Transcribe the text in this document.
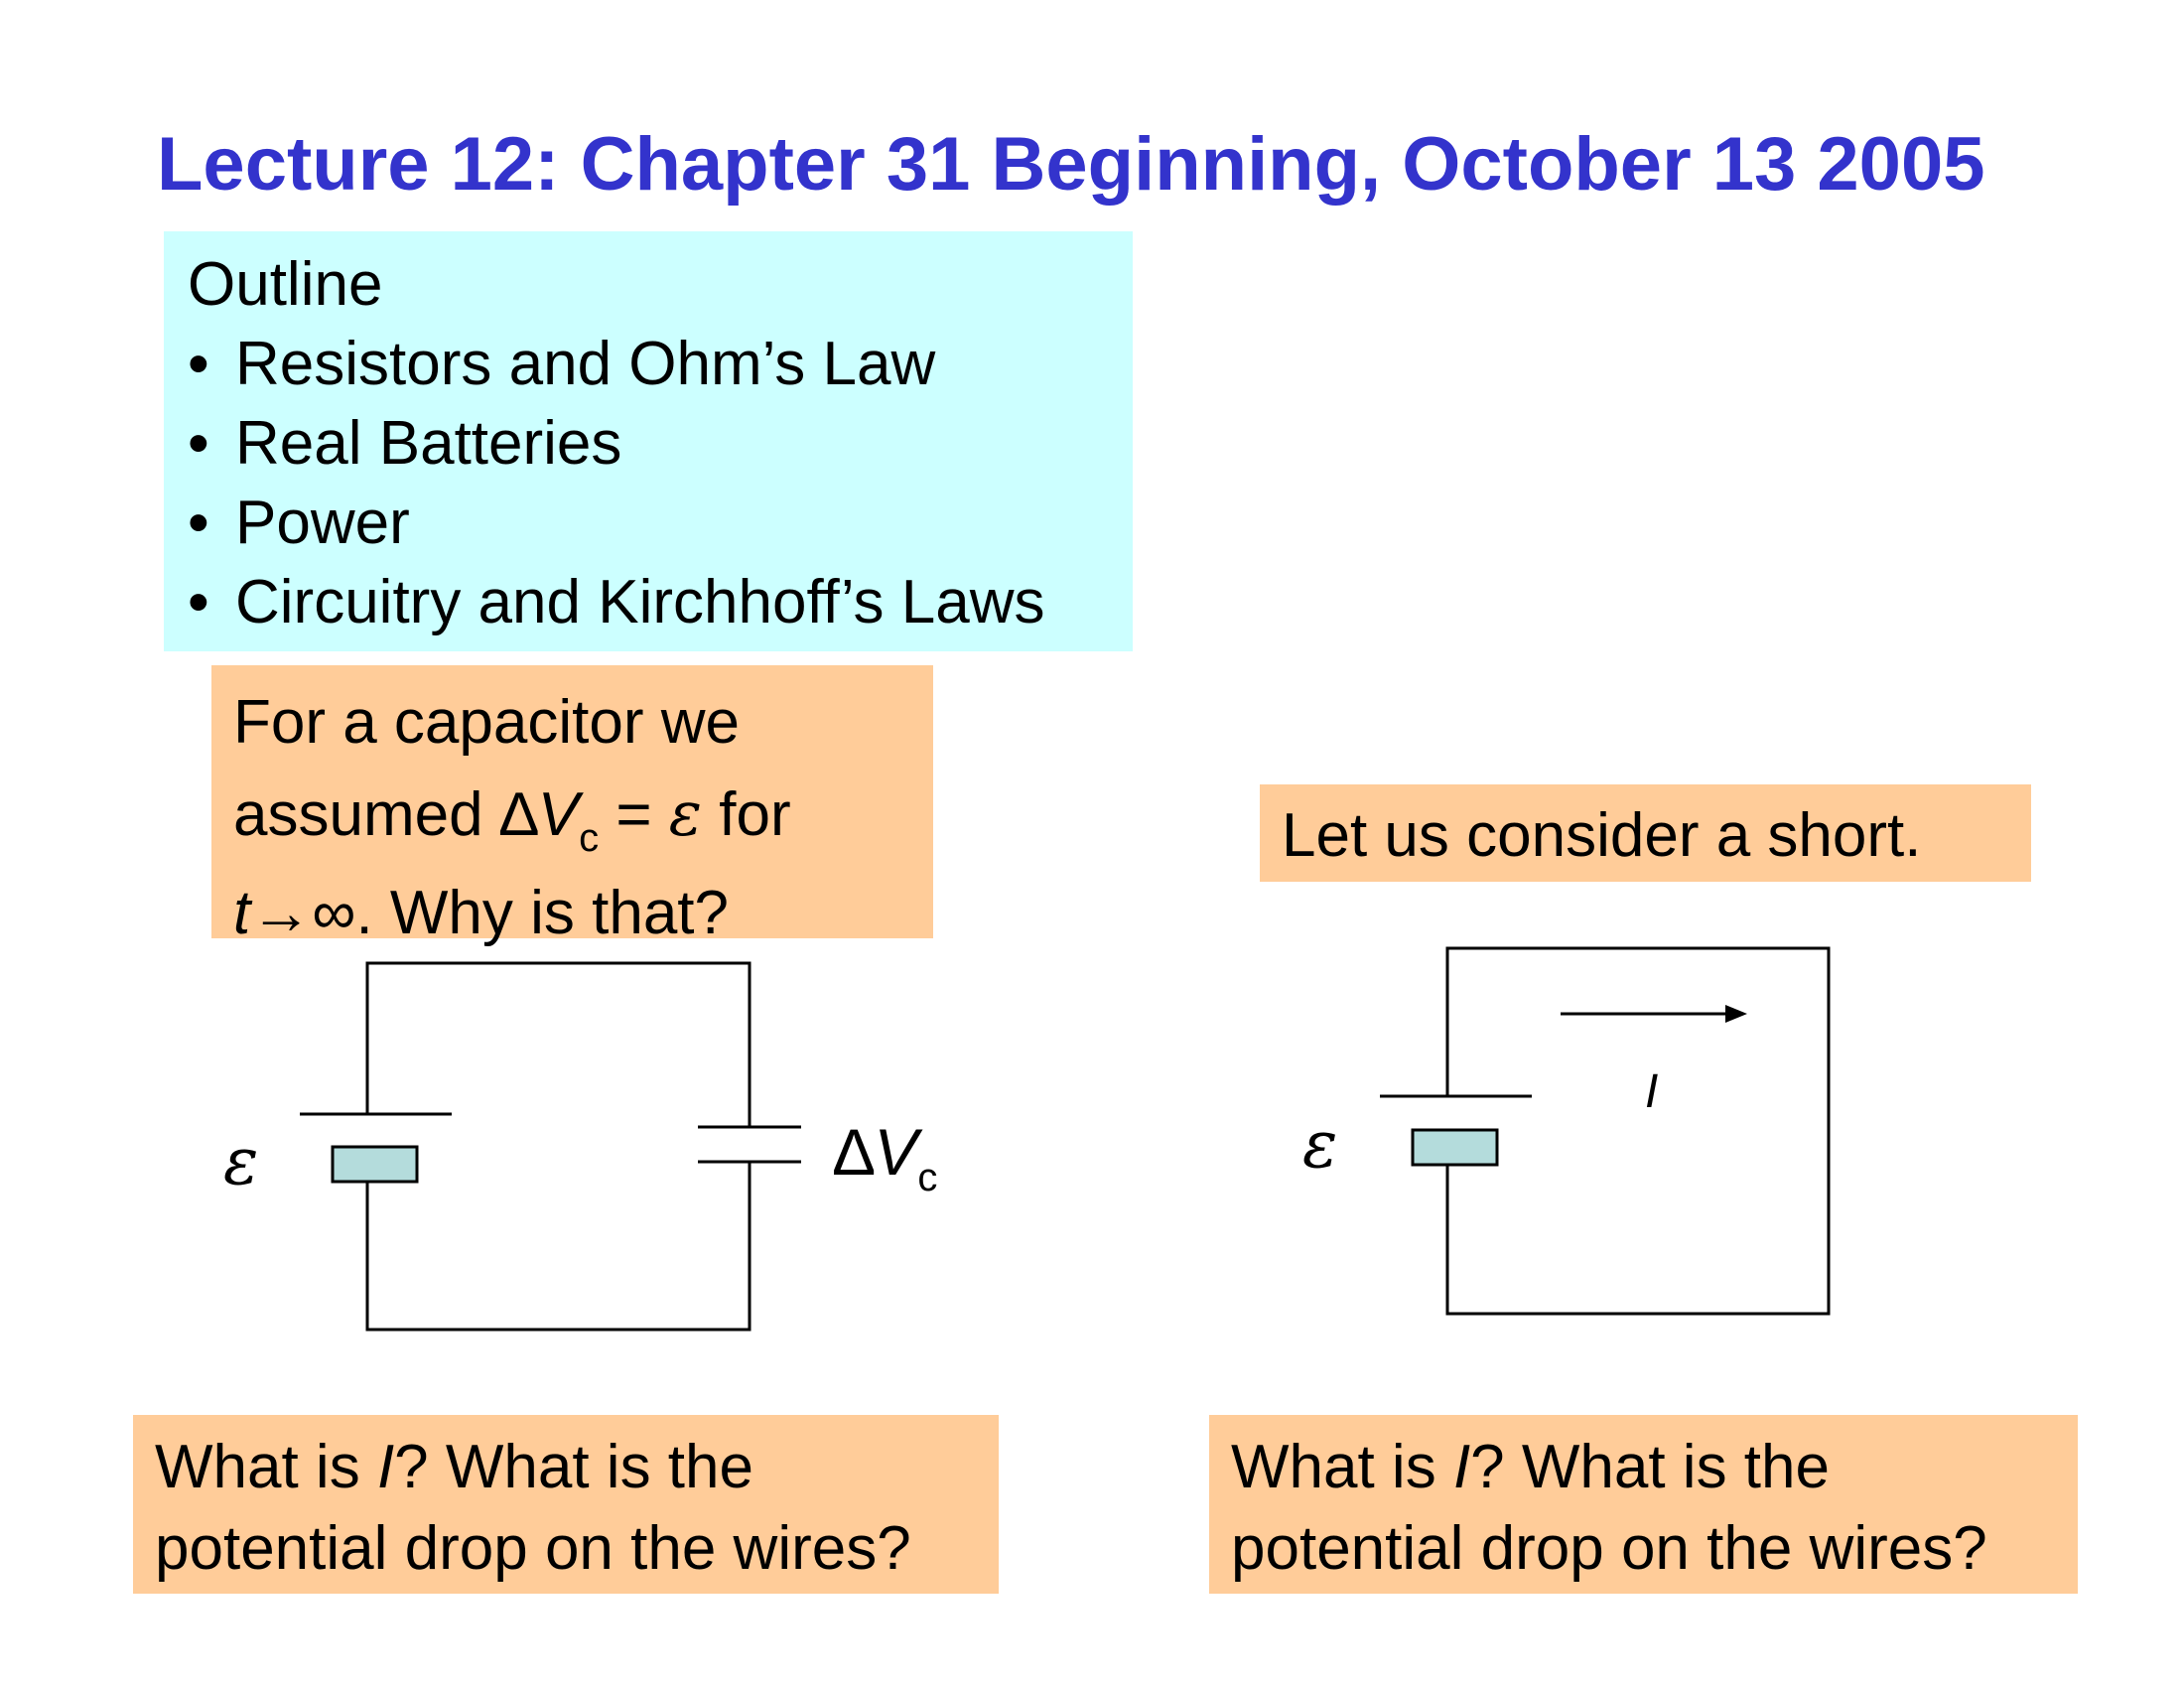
Lecture 12: Chapter 31 Beginning, October 13 2005
Outline
• Resistors and Ohm’s Law
• Real Batteries
• Power
• Circuitry and Kirchhoff’s Laws
For a capacitor we
assumed $\Delta V_c = \varepsilon$ for
t→∞. Why is that?
Let us consider a short.
What is I? What is the
potential drop on the wires?
What is I? What is the
potential drop on the wires?
ε	$\Delta V_c$
I
ε
